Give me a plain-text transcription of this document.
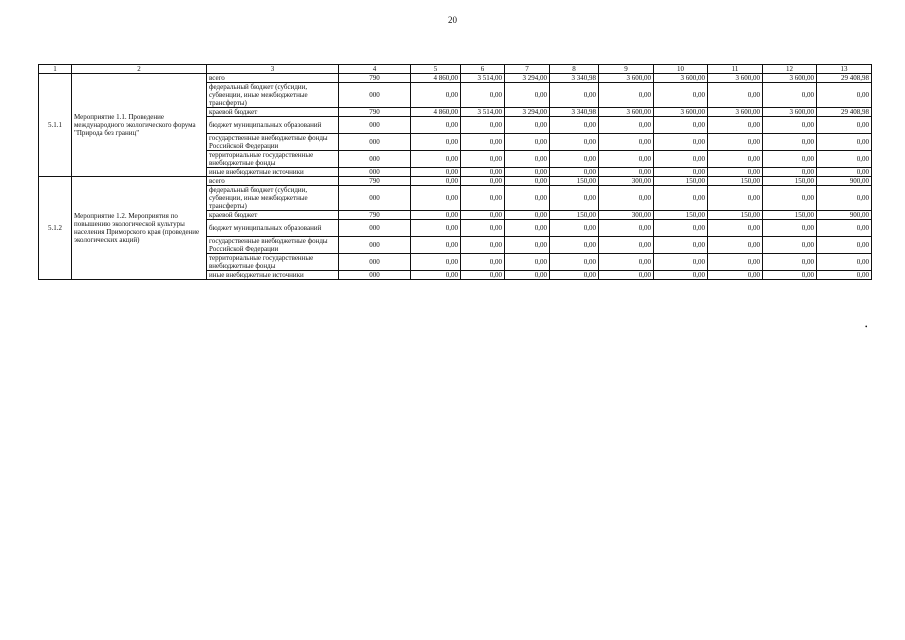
20
1	2	3	4	5	6	7	8	9	10	11	12	13
5.1.1	Мероприятие 1.1. Проведение международного экологического форума "Природа без границ"	всего	790	4 860,00	3 514,00	3 294,00	3 340,98	3 600,00	3 600,00	3 600,00	3 600,00	29 408,98
		федеральный бюджет (субсидии, субвенции, иные межбюджетные трансферты)	000	0,00	0,00	0,00	0,00	0,00	0,00	0,00	0,00	0,00
		краевой бюджет	790	4 860,00	3 514,00	3 294,00	3 340,98	3 600,00	3 600,00	3 600,00	3 600,00	29 408,98
		бюджет муниципальных образований	000	0,00	0,00	0,00	0,00	0,00	0,00	0,00	0,00	0,00
		государственные внебюджетные фонды Российской Федерации	000	0,00	0,00	0,00	0,00	0,00	0,00	0,00	0,00	0,00
		территориальные государственные внебюджетные фонды	000	0,00	0,00	0,00	0,00	0,00	0,00	0,00	0,00	0,00
		иные внебюджетные источники	000	0,00	0,00	0,00	0,00	0,00	0,00	0,00	0,00	0,00
5.1.2	Мероприятие 1.2. Мероприятия по повышению экологической культуры населения Приморского края (проведение экологических акций)	всего	790	0,00	0,00	0,00	150,00	300,00	150,00	150,00	150,00	900,00
		федеральный бюджет (субсидии, субвенции, иные межбюджетные трансферты)	000	0,00	0,00	0,00	0,00	0,00	0,00	0,00	0,00	0,00
		краевой бюджет	790	0,00	0,00	0,00	150,00	300,00	150,00	150,00	150,00	900,00
		бюджет муниципальных образований	000	0,00	0,00	0,00	0,00	0,00	0,00	0,00	0,00	0,00
		государственные внебюджетные фонды Российской Федерации	000	0,00	0,00	0,00	0,00	0,00	0,00	0,00	0,00	0,00
		территориальные государственные внебюджетные фонды	000	0,00	0,00	0,00	0,00	0,00	0,00	0,00	0,00	0,00
		иные внебюджетные источники	000	0,00	0,00	0,00	0,00	0,00	0,00	0,00	0,00	0,00
•
